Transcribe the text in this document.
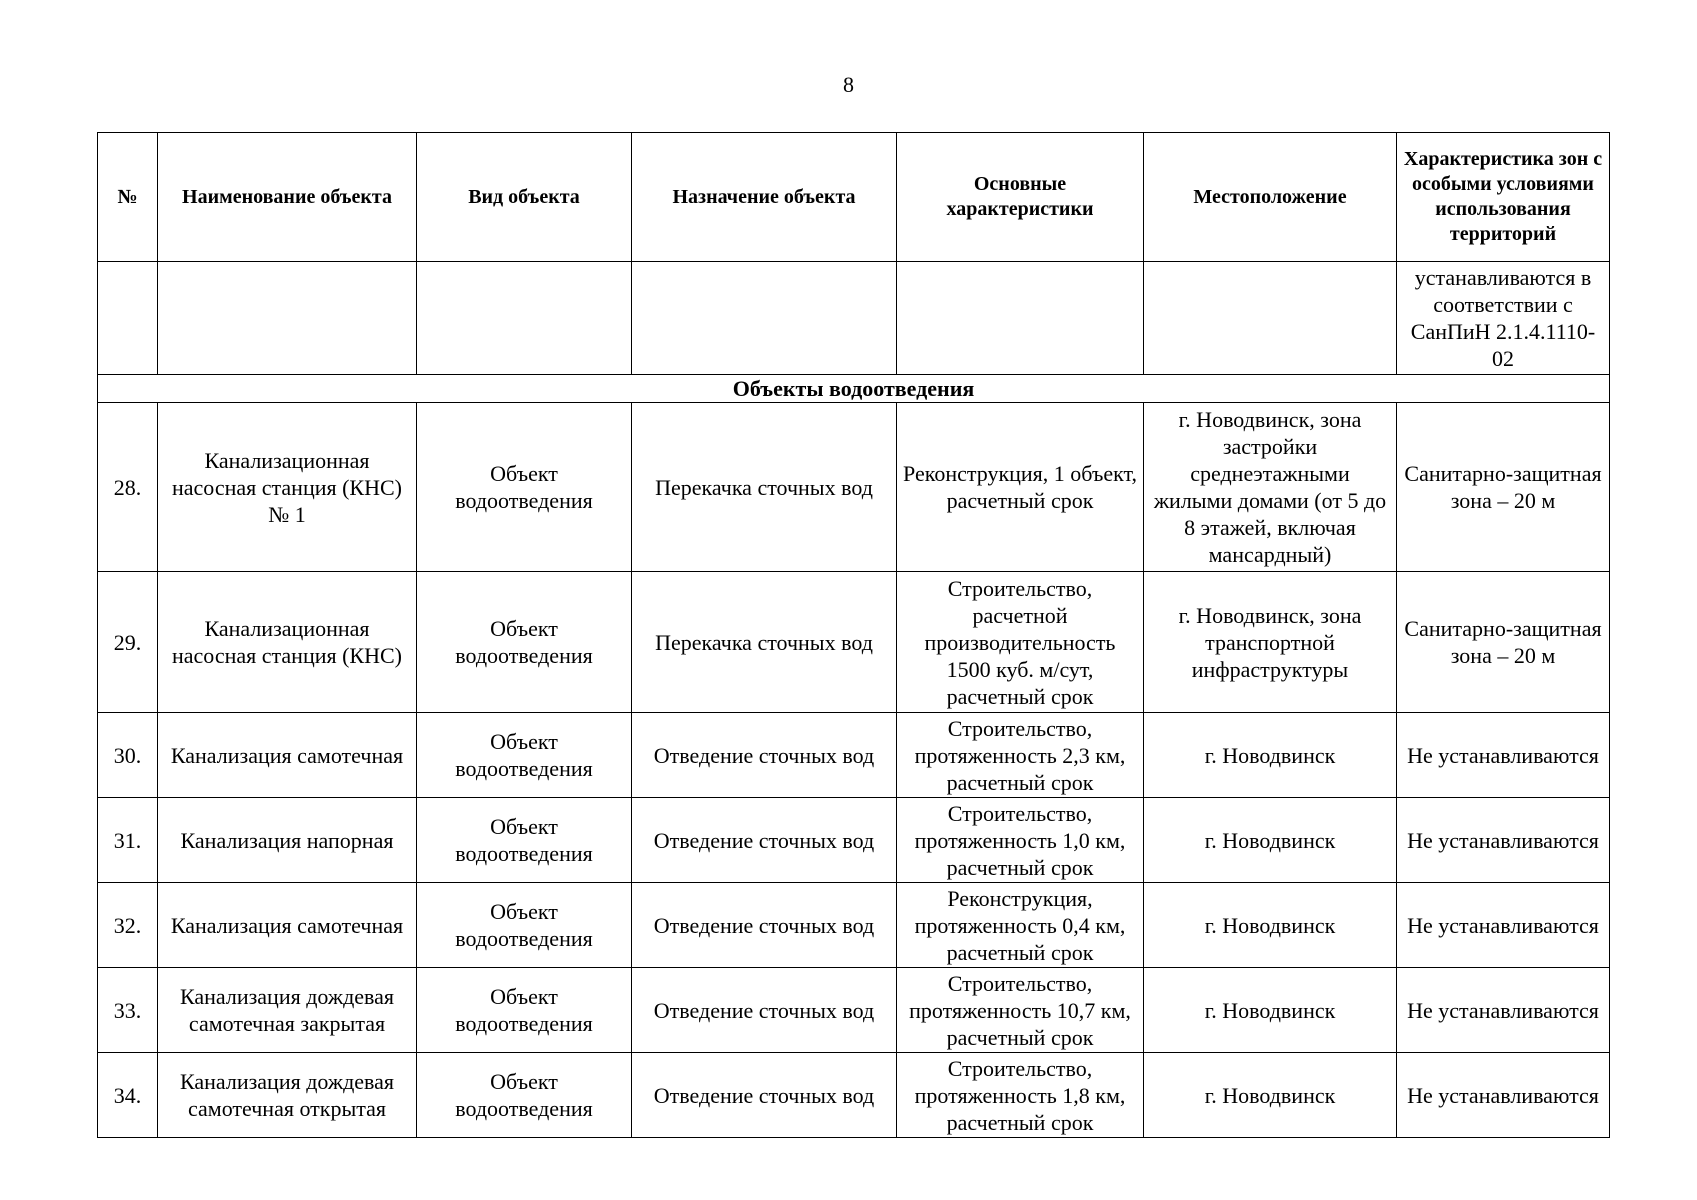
8
№	Наименование объекта	Вид объекта	Назначение объекта	Основные характеристики	Местоположение	Характеристика зон с особыми условиями использования территорий
						устанавливаются в соответствии с СанПиН 2.1.4.1110-02
Объекты водоотведения						
28.	Канализационная насосная станция (КНС) № 1	Объект водоотведения	Перекачка сточных вод	Реконструкция, 1 объект, расчетный срок	г. Новодвинск, зона застройки среднеэтажными жилыми домами (от 5 до 8 этажей, включая мансардный)	Санитарно-защитная зона – 20 м
29.	Канализационная насосная станция (КНС)	Объект водоотведения	Перекачка сточных вод	Строительство, расчетной производительность 1500 куб. м/сут, расчетный срок	г. Новодвинск, зона транспортной инфраструктуры	Санитарно-защитная зона – 20 м
30.	Канализация самотечная	Объект водоотведения	Отведение сточных вод	Строительство, протяженность 2,3 км, расчетный срок	г. Новодвинск	Не устанавливаются
31.	Канализация напорная	Объект водоотведения	Отведение сточных вод	Строительство, протяженность 1,0 км, расчетный срок	г. Новодвинск	Не устанавливаются
32.	Канализация самотечная	Объект водоотведения	Отведение сточных вод	Реконструкция, протяженность 0,4 км, расчетный срок	г. Новодвинск	Не устанавливаются
33.	Канализация дождевая самотечная закрытая	Объект водоотведения	Отведение сточных вод	Строительство, протяженность 10,7 км, расчетный срок	г. Новодвинск	Не устанавливаются
34.	Канализация дождевая самотечная открытая	Объект водоотведения	Отведение сточных вод	Строительство, протяженность 1,8 км, расчетный срок	г. Новодвинск	Не устанавливаются
